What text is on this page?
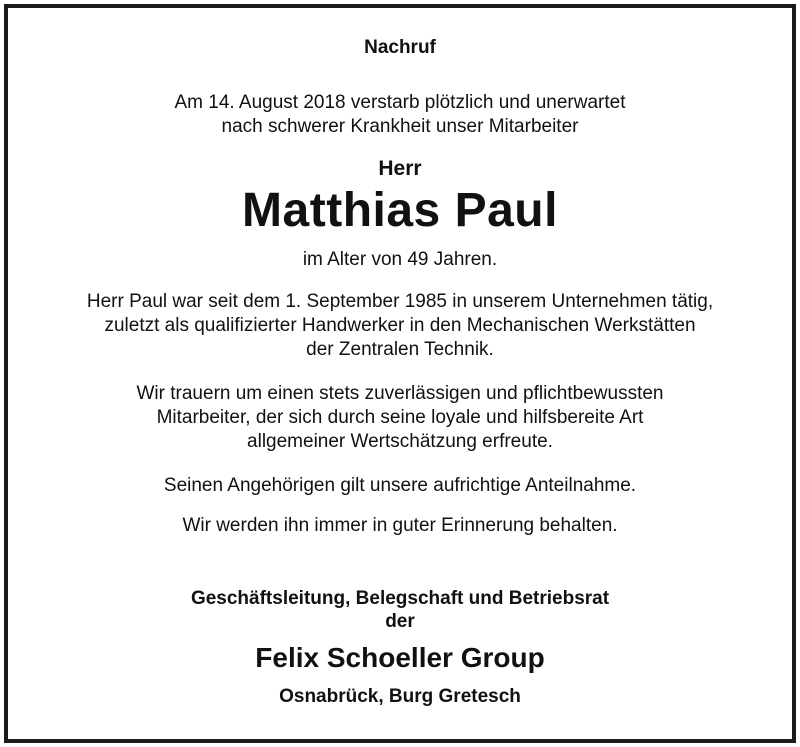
Nachruf
Am 14. August 2018 verstarb plötzlich und unerwartet
nach schwerer Krankheit unser Mitarbeiter
Herr
Matthias Paul
im Alter von 49 Jahren.
Herr Paul war seit dem 1. September 1985 in unserem Unternehmen tätig,
zuletzt als qualifizierter Handwerker in den Mechanischen Werkstätten
der Zentralen Technik.
Wir trauern um einen stets zuverlässigen und pflichtbewussten
Mitarbeiter, der sich durch seine loyale und hilfsbereite Art
allgemeiner Wertschätzung erfreute.
Seinen Angehörigen gilt unsere aufrichtige Anteilnahme.
Wir werden ihn immer in guter Erinnerung behalten.
Geschäftsleitung, Belegschaft und Betriebsrat
der
Felix Schoeller Group
Osnabrück, Burg Gretesch
